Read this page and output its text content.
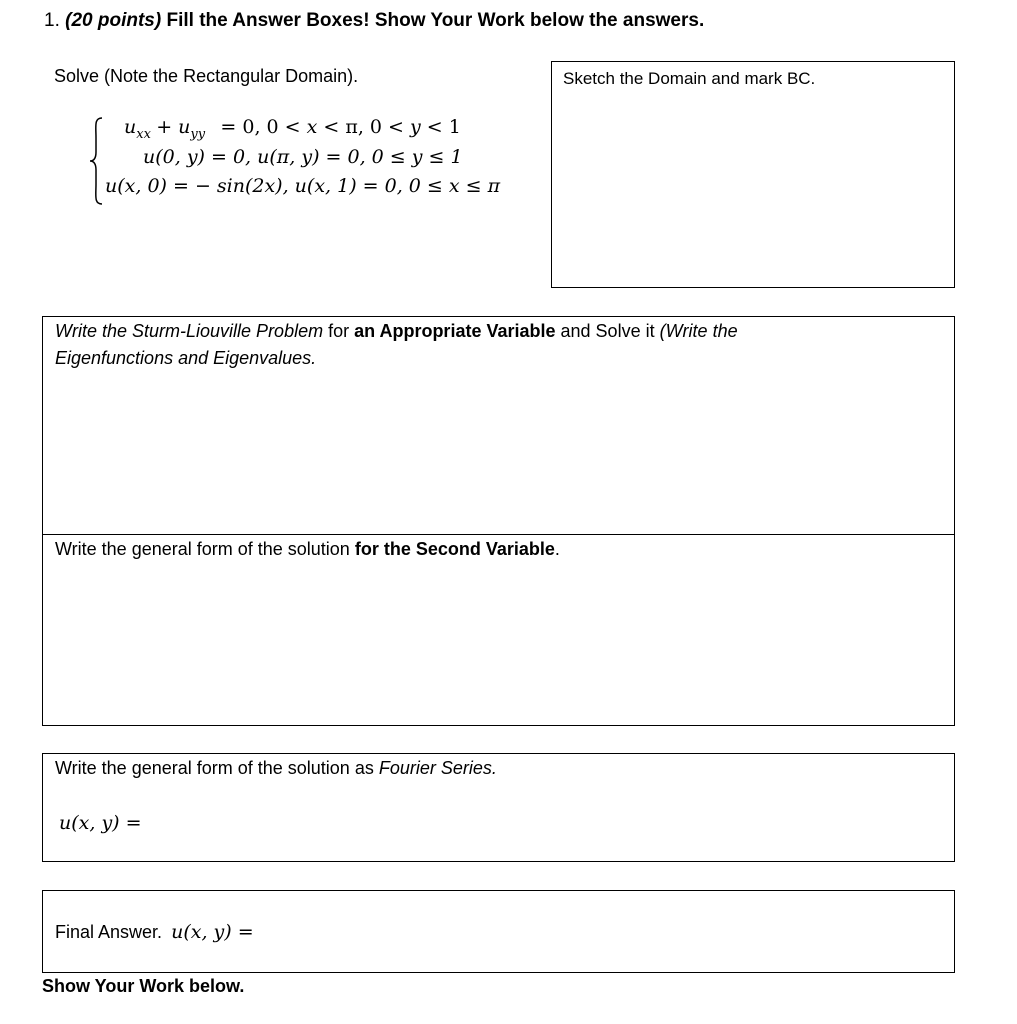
1. (20 points) Fill the Answer Boxes! Show Your Work below the answers.
Solve (Note the Rectangular Domain).
$u_{xx} + u_{yy} = 0$, 0 < x < π, 0 < y < 1
u(0, y) = 0, u(π, y) = 0, 0 ≤ y ≤ 1
u(x, 0) = − sin(2x), u(x, 1) = 0, 0 ≤ x ≤ π
Sketch the Domain and mark BC.
Write the Sturm-Liouville Problem for an Appropriate Variable and Solve it (Write the Eigenfunctions and Eigenvalues.
Write the general form of the solution for the Second Variable.
Write the general form of the solution as Fourier Series.
u(x, y) =
Final Answer. u(x, y) =
Show Your Work below.
